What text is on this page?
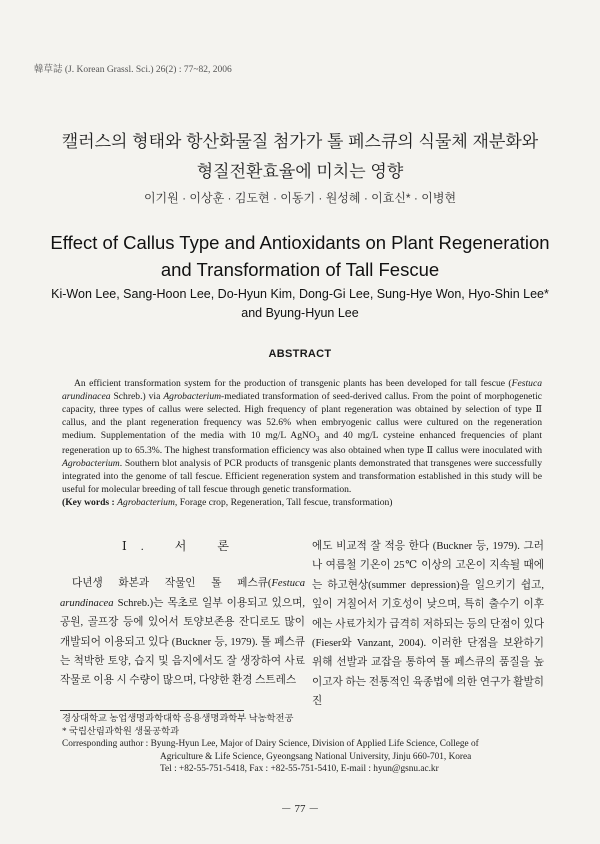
韓草誌 (J. Korean Grassl. Sci.) 26(2) : 77~82, 2006
캘러스의 형태와 항산화물질 첨가가 톨 페스큐의 식물체 재분화와
형질전환효율에 미치는 영향
이기원 · 이상훈 · 김도현 · 이동기 · 원성혜 · 이효신* · 이병현
Effect of Callus Type and Antioxidants on Plant Regeneration
and Transformation of Tall Fescue
Ki-Won Lee, Sang-Hoon Lee, Do-Hyun Kim, Dong-Gi Lee, Sung-Hye Won, Hyo-Shin Lee*
and Byung-Hyun Lee
ABSTRACT

An efficient transformation system for the production of transgenic plants has been developed for tall fescue (Festuca arundinacea Schreb.) via Agrobacterium-mediated transformation of seed-derived callus. From the point of morphogenetic capacity, three types of callus were selected. High frequency of plant regeneration was obtained by selection of type Ⅱ callus, and the plant regeneration frequency was 52.6% when embryogenic callus were cultured on the regeneration medium. Supplementation of the media with 10 mg/L AgNO$_3$ and 40 mg/L cysteine enhanced frequencies of plant regeneration up to 65.3%. The highest transformation efficiency was also obtained when type Ⅱ callus were inoculated with Agrobacterium. Southern blot analysis of PCR products of transgenic plants demonstrated that transgenes were successfully integrated into the genome of tall fescue. Efficient regeneration system and transformation established in this study will be useful for molecular breeding of tall fescue through genetic transformation.

(Key words : Agrobacterium, Forage crop, Regeneration, Tall fescue, transformation)

Ⅰ. 서 론

다년생 화본과 작물인 톨 페스큐(Festuca arundinacea Schreb.)는 목초로 일부 이용되고 있으며, 공원, 골프장 등에 있어서 토양보존용 잔디로도 많이 개발되어 이용되고 있다 (Buckner 등, 1979). 톨 페스큐는 척박한 토양, 습지 및 음지에서도 잘 생장하여 사료작물로 이용 시 수량이 많으며, 다양한 환경 스트레스

에도 비교적 잘 적응 한다 (Buckner 등, 1979). 그러나 여름철 기온이 25℃ 이상의 고온이 지속될 때에는 하고현상(summer depression)을 일으키기 쉽고, 잎이 거칠어서 기호성이 낮으며, 특히 출수기 이후에는 사료가치가 급격히 저하되는 등의 단점이 있다(Fieser와 Vanzant, 2004). 이러한 단점을 보완하기 위해 선발과 교잡을 통하여 톨 페스큐의 품질을 높이고자 하는 전통적인 육종법에 의한 연구가 활발히 진

경상대학교 농업생명과학대학 응용생명과학부 낙농학전공
* 국립산림과학원 생물공학과
Corresponding author : Byung-Hyun Lee, Major of Dairy Science, Division of Applied Life Science, College of
Agriculture & Life Science, Gyeongsang National University, Jinju 660-701, Korea
Tel : +82-55-751-5418, Fax : +82-55-751-5410, E-mail : hyun@gsnu.ac.kr
－ 77 －
